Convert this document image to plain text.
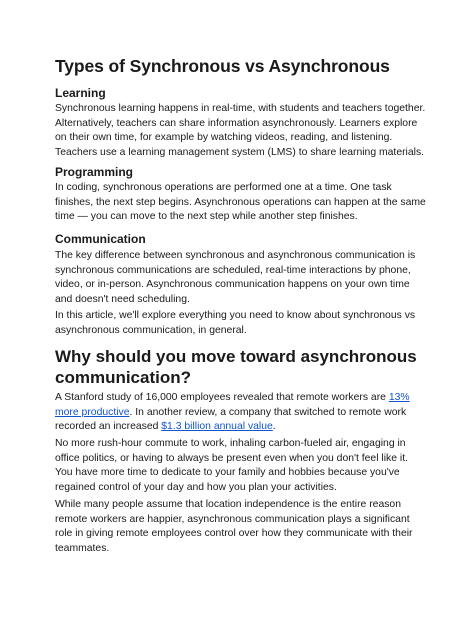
Types of Synchronous vs Asynchronous
Learning

Synchronous learning happens in real-time, with students and teachers together. Alternatively, teachers can share information asynchronously. Learners explore on their own time, for example by watching videos, reading, and listening. Teachers use a learning management system (LMS) to share learning materials.

Programming

In coding, synchronous operations are performed one at a time. One task finishes, the next step begins. Asynchronous operations can happen at the same time — you can move to the next step while another step finishes.

Communication

The key difference between synchronous and asynchronous communication is synchronous communications are scheduled, real-time interactions by phone, video, or in-person. Asynchronous communication happens on your own time and doesn't need scheduling.

In this article, we'll explore everything you need to know about synchronous vs asynchronous communication, in general.

Why should you move toward asynchronous communication?

A Stanford study of 16,000 employees revealed that remote workers are 13% more productive. In another review, a company that switched to remote work recorded an increased $1.3 billion annual value.

No more rush-hour commute to work, inhaling carbon-fueled air, engaging in office politics, or having to always be present even when you don't feel like it. You have more time to dedicate to your family and hobbies because you've regained control of your day and how you plan your activities.

While many people assume that location independence is the entire reason remote workers are happier, asynchronous communication plays a significant role in giving remote employees control over how they communicate with their teammates.
